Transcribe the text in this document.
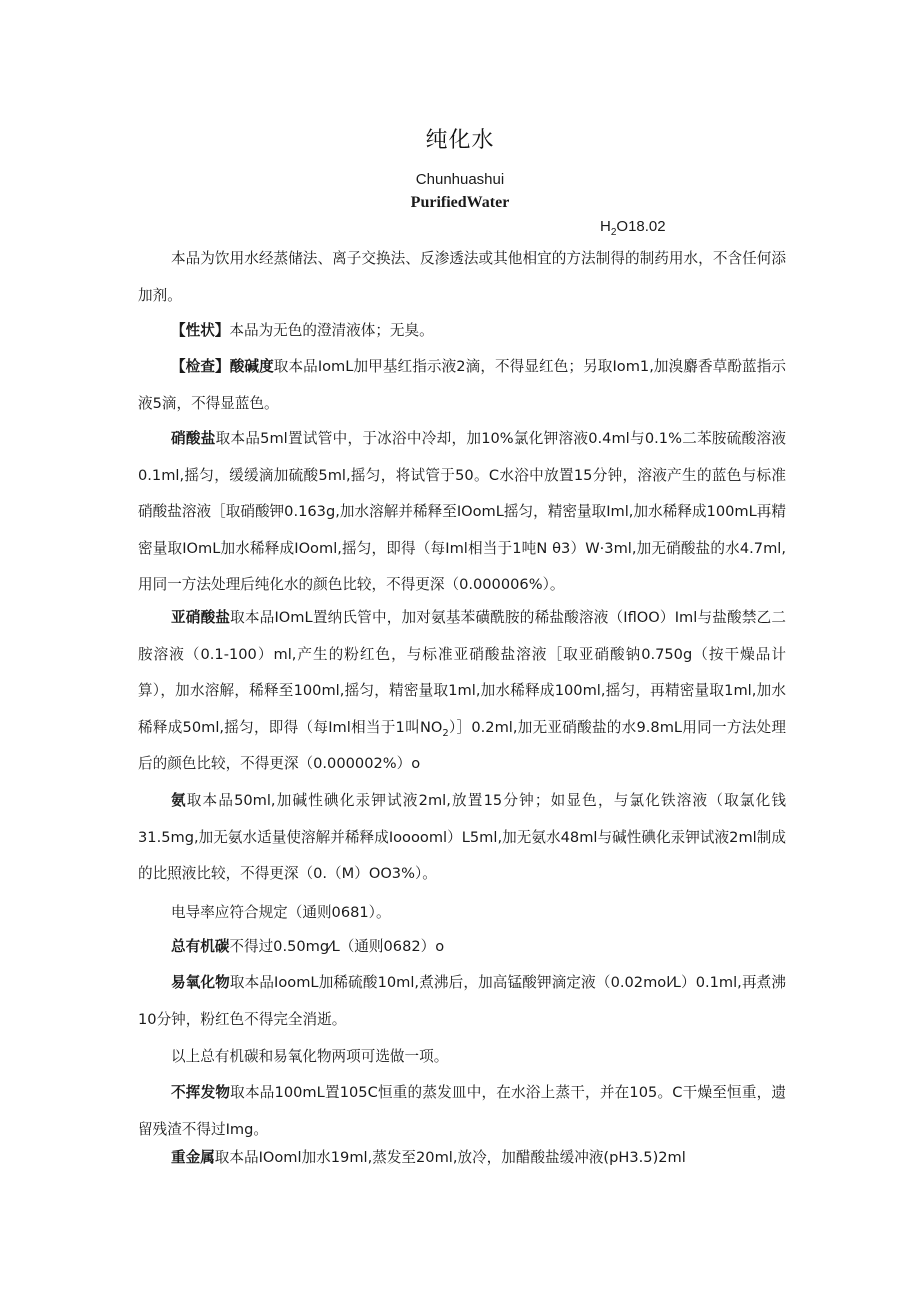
纯化水
Chunhuashui
PurifiedWater
$H_2O18.02$
本品为饮用水经蒸储法、离子交换法、反渗透法或其他相宜的方法制得的制药用水，不含任何添加剂。
【性状】本品为无色的澄清液体；无臭。
【检查】酸碱度取本品IomL加甲基红指示液2滴，不得显红色；另取Iom1,加溴麝香草酚蓝指示液5滴，不得显蓝色。
硝酸盐取本品5ml置试管中，于冰浴中冷却，加10%氯化钾溶液0.4ml与0.1%二苯胺硫酸溶液0.1ml,摇匀，缓缓滴加硫酸5ml,摇匀，将试管于50。C水浴中放置15分钟，溶液产生的蓝色与标准硝酸盐溶液［取硝酸钾0.163g,加水溶解并稀释至IOomL摇匀，精密量取Iml,加水稀释成100mL再精密量取IOmL加水稀释成IOoml,摇匀，即得（每Iml相当于1吨N θ3）W·3ml,加无硝酸盐的水4.7ml,用同一方法处理后纯化水的颜色比较，不得更深（0.000006%）。
亚硝酸盐取本品IOmL置纳氏管中，加对氨基苯磺酰胺的稀盐酸溶液（IflOO）Iml与盐酸禁乙二胺溶液（0.1-100）ml,产生的粉红色，与标准亚硝酸盐溶液［取亚硝酸钠0.750g（按干燥品计算），加水溶解，稀释至100ml,摇匀，精密量取1ml,加水稀释成100ml,摇匀，再精密量取1ml,加水稀释成50ml,摇匀，即得（每Iml相当于1叫$NO_2)]0.2ml$,加无亚硝酸盐的水9.8mL用同一方法处理后的颜色比较，不得更深（0.000002%）o
氨取本品50ml,加碱性碘化汞钾试液2ml,放置15分钟；如显色，与氯化铁溶液（取氯化钱31.5mg,加无氨水适量使溶解并稀释成Iooooml）L5ml,加无氨水48ml与碱性碘化汞钾试液2ml制成的比照液比较，不得更深（0.（M）OO3%）。
电导率应符合规定（通则0681）。
总有机碳不得过0.50mg⁄L（通则0682）o
易氧化物取本品IoomL加稀硫酸10ml,煮沸后，加高锰酸钾滴定液（0.02mol⁄L）0.1ml,再煮沸10分钟，粉红色不得完全消逝。
以上总有机碳和易氧化物两项可选做一项。
不挥发物取本品100mL置105C恒重的蒸发皿中，在水浴上蒸干，并在105。C干燥至恒重，遗留残渣不得过Img。
重金属取本品IOoml加水19ml,蒸发至20ml,放冷，加醋酸盐缓冲液(pH3.5)2ml
